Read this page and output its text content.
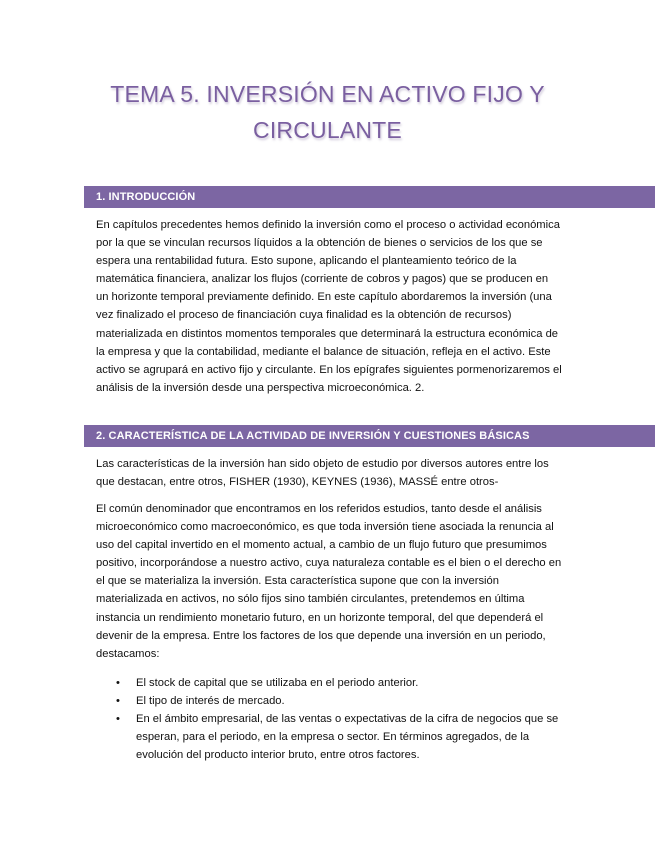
TEMA 5. INVERSIÓN EN ACTIVO FIJO Y
CIRCULANTE
1. INTRODUCCIÓN

En capítulos precedentes hemos definido la inversión como el proceso o actividad económica por la que se vinculan recursos líquidos a la obtención de bienes o servicios de los que se espera una rentabilidad futura. Esto supone, aplicando el planteamiento teórico de la matemática financiera, analizar los flujos (corriente de cobros y pagos) que se producen en un horizonte temporal previamente definido. En este capítulo abordaremos la inversión (una vez finalizado el proceso de financiación cuya finalidad es la obtención de recursos) materializada en distintos momentos temporales que determinará la estructura económica de la empresa y que la contabilidad, mediante el balance de situación, refleja en el activo. Este activo se agrupará en activo fijo y circulante. En los epígrafes siguientes pormenorizaremos el análisis de la inversión desde una perspectiva microeconómica. 2.

2. CARACTERÍSTICA DE LA ACTIVIDAD DE INVERSIÓN Y CUESTIONES BÁSICAS

Las características de la inversión han sido objeto de estudio por diversos autores entre los que destacan, entre otros, FISHER (1930), KEYNES (1936), MASSÉ entre otros-

El común denominador que encontramos en los referidos estudios, tanto desde el análisis microeconómico como macroeconómico, es que toda inversión tiene asociada la renuncia al uso del capital invertido en el momento actual, a cambio de un flujo futuro que presumimos positivo, incorporándose a nuestro activo, cuya naturaleza contable es el bien o el derecho en el que se materializa la inversión. Esta característica supone que con la inversión materializada en activos, no sólo fijos sino también circulantes, pretendemos en última instancia un rendimiento monetario futuro, en un horizonte temporal, del que dependerá el devenir de la empresa. Entre los factores de los que depende una inversión en un periodo, destacamos:

• El stock de capital que se utilizaba en el periodo anterior.
• El tipo de interés de mercado.
• En el ámbito empresarial, de las ventas o expectativas de la cifra de negocios que se esperan, para el periodo, en la empresa o sector. En términos agregados, de la evolución del producto interior bruto, entre otros factores.
